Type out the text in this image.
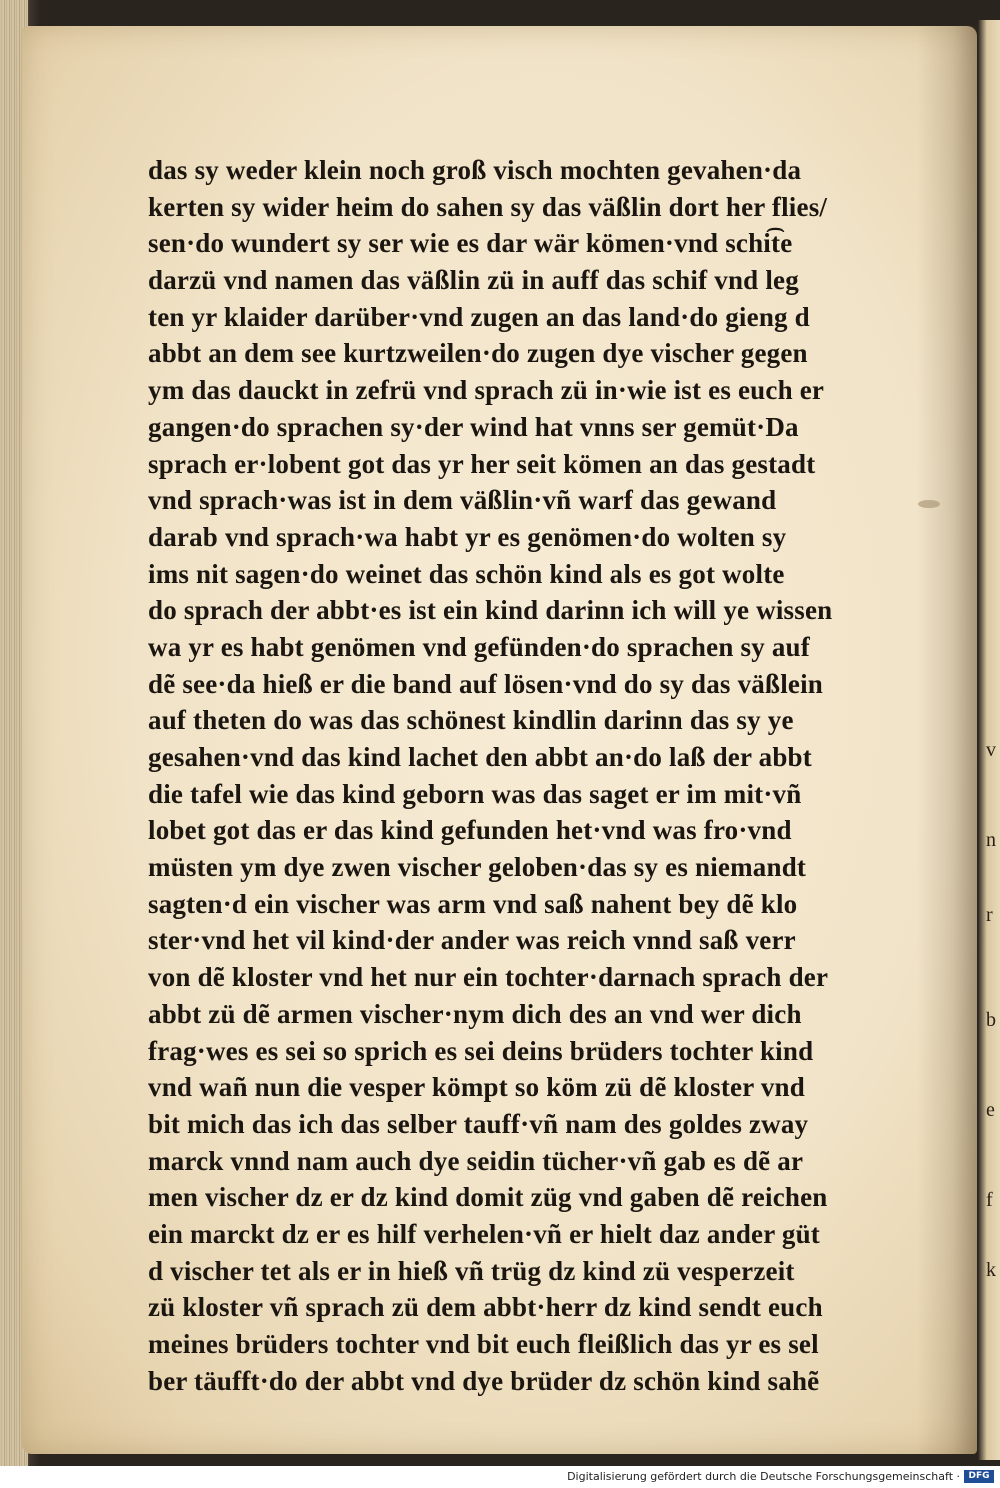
v
n
r
b
e
f
k

das sy weder klein noch groß visch mochten gevahen·da

kerten sy wider heim do sahen sy das väßlin dort her flies/

sen·do wundert sy ser wie es dar wär kömen·vnd schi͡te

darzü vnd namen das väßlin zü in auff das schif vnd leg

ten yr klaider darüber·vnd zugen an das land·do gieng d

abbt an dem see kurtzweilen·do zugen dye vischer gegen

ym das dauckt in zefrü vnd sprach zü in·wie ist es euch er

gangen·do sprachen sy·der wind hat vnns ser gemüt·Da

sprach er·lobent got das yr her seit kömen an das gestadt

vnd sprach·was ist in dem väßlin·vñ warf das gewand

darab vnd sprach·wa habt yr es genömen·do wolten sy

ims nit sagen·do weinet das schön kind als es got wolte

do sprach der abbt·es ist ein kind darinn ich will ye wissen

wa yr es habt genömen vnd gefünden·do sprachen sy auf

dẽ see·da hieß er die band auf lösen·vnd do sy das väßlein

auf theten do was das schönest kindlin darinn das sy ye

gesahen·vnd das kind lachet den abbt an·do laß der abbt

die tafel wie das kind geborn was das saget er im mit·vñ

lobet got das er das kind gefunden het·vnd was fro·vnd

müsten ym dye zwen vischer geloben·das sy es niemandt

sagten·d ein vischer was arm vnd saß nahent bey dẽ klo

ster·vnd het vil kind·der ander was reich vnnd saß verr

von dẽ kloster vnd het nur ein tochter·darnach sprach der

abbt zü dẽ armen vischer·nym dich des an vnd wer dich

frag·wes es sei so sprich es sei deins brüders tochter kind

vnd wañ nun die vesper kömpt so köm zü dẽ kloster vnd

bit mich das ich das selber tauff·vñ nam des goldes zway

marck vnnd nam auch dye seidin tücher·vñ gab es dẽ ar

men vischer dz er dz kind domit züg vnd gaben dẽ reichen

ein marckt dz er es hilf verhelen·vñ er hielt daz ander güt

d vischer tet als er in hieß vñ trüg dz kind zü vesperzeit

zü kloster vñ sprach zü dem abbt·herr dz kind sendt euch

meines brüders tochter vnd bit euch fleißlich das yr es sel

ber täufft·do der abbt vnd dye brüder dz schön kind sahẽ

Digitalisierung gefördert durch die Deutsche Forschungsgemeinschaft · DFG
